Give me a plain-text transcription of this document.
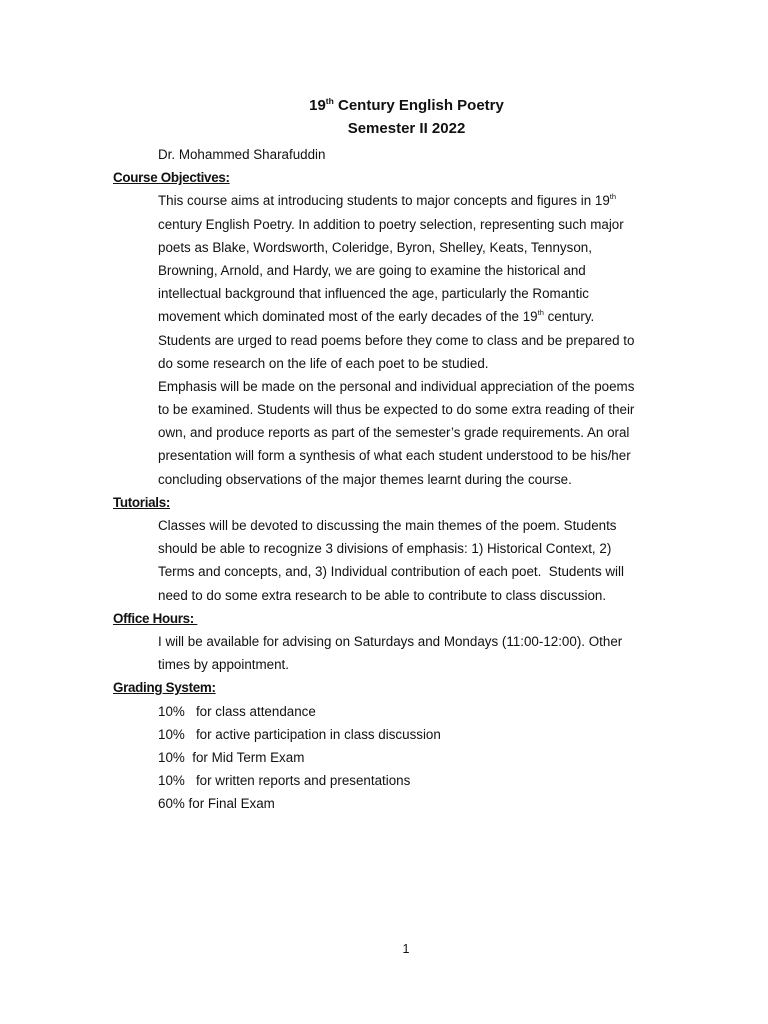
19th Century English Poetry
Semester II 2022
Dr. Mohammed Sharafuddin
Course Objectives:
This course aims at introducing students to major concepts and figures in 19th
century English Poetry. In addition to poetry selection, representing such major
poets as Blake, Wordsworth, Coleridge, Byron, Shelley, Keats, Tennyson,
Browning, Arnold, and Hardy, we are going to examine the historical and
intellectual background that influenced the age, particularly the Romantic
movement which dominated most of the early decades of the 19th century.
Students are urged to read poems before they come to class and be prepared to
do some research on the life of each poet to be studied.
Emphasis will be made on the personal and individual appreciation of the poems
to be examined. Students will thus be expected to do some extra reading of their
own, and produce reports as part of the semester’s grade requirements. An oral
presentation will form a synthesis of what each student understood to be his/her
concluding observations of the major themes learnt during the course.
Tutorials:
Classes will be devoted to discussing the main themes of the poem. Students
should be able to recognize 3 divisions of emphasis: 1) Historical Context, 2)
Terms and concepts, and, 3) Individual contribution of each poet.  Students will
need to do some extra research to be able to contribute to class discussion.
Office Hours:
I will be available for advising on Saturdays and Mondays (11:00-12:00). Other
times by appointment.
Grading System:
10%   for class attendance
10%   for active participation in class discussion
10%  for Mid Term Exam
10%   for written reports and presentations
60% for Final Exam
1
